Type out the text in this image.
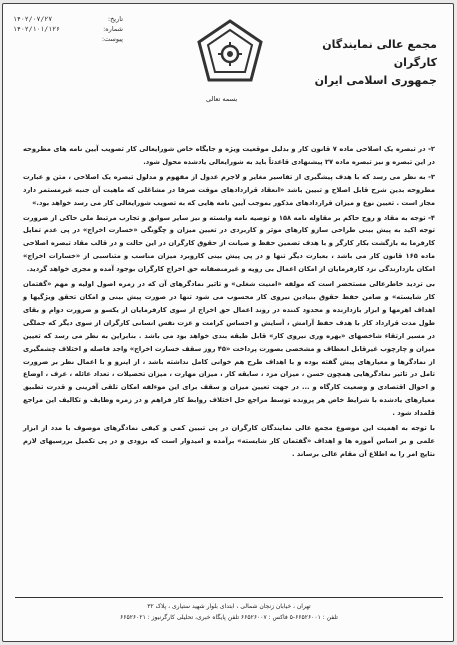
تاریخ:
۱۴۰۲/۰۷/۲۷
شماره:
۱۴۰۲/۱۰۱/۱۲۶
پیوست:	مجمع عالی نمایندگان کارگران
جمهوری اسلامی ایران
بسمه تعالی

۲- در تبصره یک اصلاحی ماده ۷ قانون کار و بدلیل موقعیت ویژه و جایگاه خاص شورایعالی کار تصویب آیین نامه های مطروحه در این تبصره و نیز تبصره ماده ۲۷ پیشنهادی قاعدتاً باید به شورایعالی یادشده محول شود.

۳- به نظر می رسد که با هدف پیشگیری از تفاسیر مغایر و لاجرم عدول از مفهوم و مدلول تبصره یک اصلاحی ، متن و عبارت مطروحه بدین شرح قابل اصلاح و تبیین باشد «انعقاد قراردادهای موقت صرفا در مشاغلی که ماهیت آن جنبه غیرمستمر دارد مجاز است . تعیین نوع و میزان قراردادهای مذکور بموجب آیین نامه هایی که به تصویب شورایعالی کار می رسد خواهد بود.»

۴- توجه به مقاد و روح حاکم بر مقاوله نامه ۱۵۸ و توصیه نامه وابسته و نیز سایر سوابق و تجارب مرتبط ملی حاکی از ضرورت توجه اکید به پیش بینی طراحی سازو کارهای موثر و کاربردی در تعیین میزان و چگونگی «خسارت اخراج» در پی عدم تمایل کارفرما به بازگشت بکار کارگر و با هدف تضمین حفظ و صیانت از حقوق کارگران در این حالت و در قالب مقاد تبصره اصلاحی ماده ۱۶۵ قانون کار می باشد ، بعبارت دیگر تنها و در پی پیش بینی کاروبرد میزان مناسب و متناسبی از «خسارات اخراج» امکان بازدارندگی نزد کارفرمایان از امکان اعمال بی رویه و غیرمنصفانه حق اخراج کارگران بوجود آمده و مجری خواهد گردید.

بی تردید خاطرعالی مستحضر است که مولفه «امنیت شغلی» و تاثیر نمادگرهای آن که در زمره اصول اولیه و مهم «گفتمان کار شایسته» و ضامن حفظ حقوق بنیادین نیروی کار محسوب می شود تنها در صورت پیش بینی و امکان تحقق ویژگیها و اهداف اهرمها و ابزار بازدارنده و محدود کننده در روند اعمال حق اخراج از سوی کارفرمایان از یکسو و ضرورت دوام و بقای طول مدت قرارداد کار با هدف حفظ آرامش ، آسایش و احساس کرامت و عزت نفس انسانی کارگران از سوی دیگر که جملگی در مسیر ارتقاء شاخصهای «بهره وری نیروی کار» قابل طبقه بندی خواهد بود می باشد . بنابراین به نظر می رسد که تعیین میزان و چارچوب غیرقابل انعطاف و مشخصی بصورت پرداخت «۴۵ روز سقف خسارت اخراج» واجد فاصله و اختلاف چشمگیری از نمادگرها و معیارهای پیش گفته بوده و با اهداف طرح هم خوانی کامل نداشته باشد ، از اینرو و با اعمال نظر بر ضرورت تامل در تاثیر نمادگرهایی همچون حسن ، میزان مزد ، سابقه کار ، میزان مهارت ، میزان تحصیلات ، تعداد عائله ، عرف ، اوضاع و احوال اقتصادی و وضعیت کارگاه و ... در جهت تعیین میزان و سقف برای این موءلفه امکان تلقی آفرینی و قدرت تطبیق معیارهای یادشده با شرایط خاص هر پرونده توسط مراجع حل اختلاف روابط کار فراهم و در زمره وظایف و تکالیف این مراجع قلمداد شود .

با توجه به اهمیت این موضوع مجمع عالی نمایندگان کارگران در پی تبیین کمی و کیفی نمادگرهای موصوف با مدد از ابزار علمی و بر اساس آموزه ها و اهداف «گفتمان کار شایسته» برآمده و امیدوار است که بزودی و در پی تکمیل بررسیهای لازم نتایج امر را به اطلاع آن مقام عالی برساند .

تهران ، خیابان زنجان شمالی ، ابتدای بلوار شهید ستیاری ، پلاک ۳۲
تلفن : ۶۶۵۲۶۰۰۱-۵ فاکس : ۶۶۵۲۶۰۰۷ تلفن پایگاه خبری، تحلیلی کارگرنیوز : ۶۶۵۲۶۰۲۱
